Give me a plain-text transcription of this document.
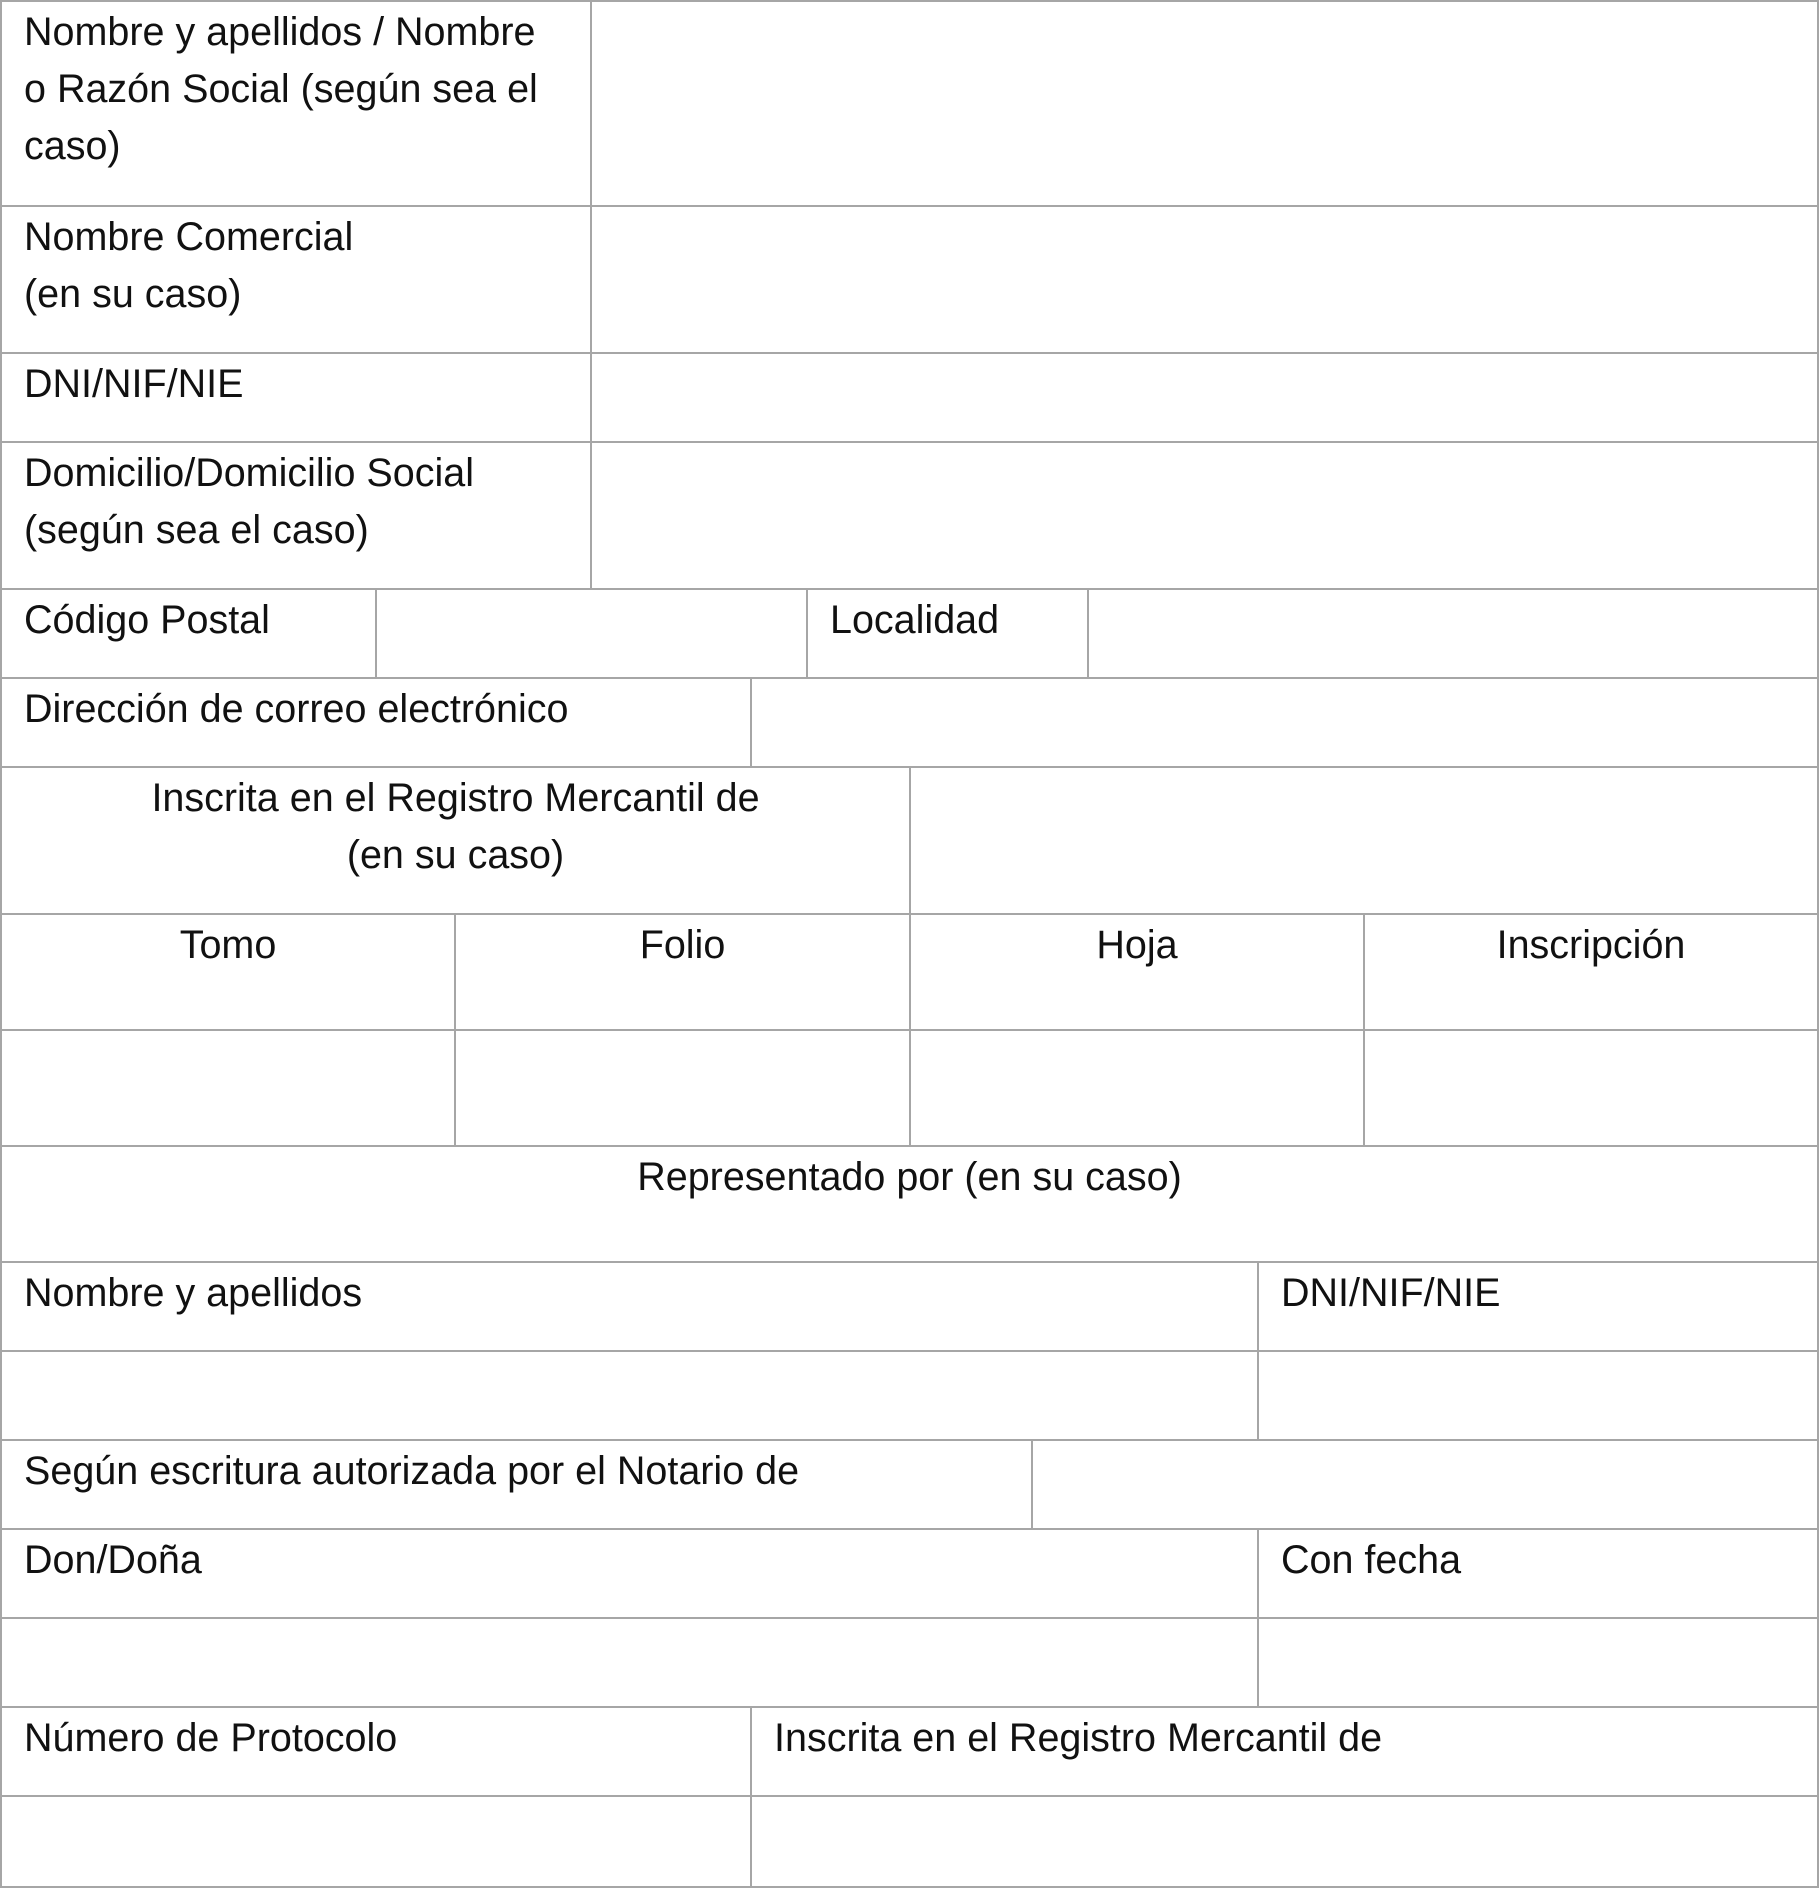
Nombre y apellidos / Nombre
o Razón Social (según sea el
caso)
Nombre Comercial
(en su caso)
DNI/NIF/NIE
Domicilio/Domicilio Social
(según sea el caso)
Código Postal	Localidad
Dirección de correo electrónico
Inscrita en el Registro Mercantil de
(en su caso)
Tomo	Folio	Hoja	Inscripción
Representado por (en su caso)
Nombre y apellidos	DNI/NIF/NIE
Según escritura autorizada por el Notario de
Don/Doña	Con fecha
Número de Protocolo	Inscrita en el Registro Mercantil de
